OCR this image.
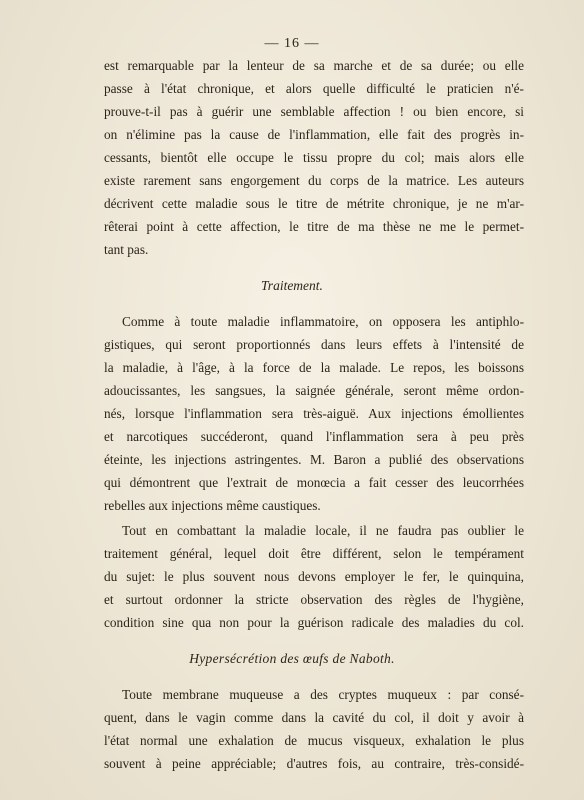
— 16 —
est remarquable par la lenteur de sa marche et de sa durée; ou elle
passe à l'état chronique, et alors quelle difficulté le praticien n'é-
prouve-t-il pas à guérir une semblable affection ! ou bien encore, si
on n'élimine pas la cause de l'inflammation, elle fait des progrès in-
cessants, bientôt elle occupe le tissu propre du col; mais alors elle
existe rarement sans engorgement du corps de la matrice. Les auteurs
décrivent cette maladie sous le titre de métrite chronique, je ne m'ar-
rêterai point à cette affection, le titre de ma thèse ne me le permet-
tant pas.
Traitement.
Comme à toute maladie inflammatoire, on opposera les antiphlo-
gistiques, qui seront proportionnés dans leurs effets à l'intensité de
la maladie, à l'âge, à la force de la malade. Le repos, les boissons
adoucissantes, les sangsues, la saignée générale, seront même ordon-
nés, lorsque l'inflammation sera très-aiguë. Aux injections émollientes
et narcotiques succéderont, quand l'inflammation sera à peu près
éteinte, les injections astringentes. M. Baron a publié des observations
qui démontrent que l'extrait de monœcia a fait cesser des leucorrhées
rebelles aux injections même caustiques.
Tout en combattant la maladie locale, il ne faudra pas oublier le
traitement général, lequel doit être différent, selon le tempérament
du sujet: le plus souvent nous devons employer le fer, le quinquina,
et surtout ordonner la stricte observation des règles de l'hygiène,
condition sine qua non pour la guérison radicale des maladies du col.
Hypersécrétion des œufs de Naboth.
Toute membrane muqueuse a des cryptes muqueux : par consé-
quent, dans le vagin comme dans la cavité du col, il doit y avoir à
l'état normal une exhalation de mucus visqueux, exhalation le plus
souvent à peine appréciable; d'autres fois, au contraire, très-considé-
